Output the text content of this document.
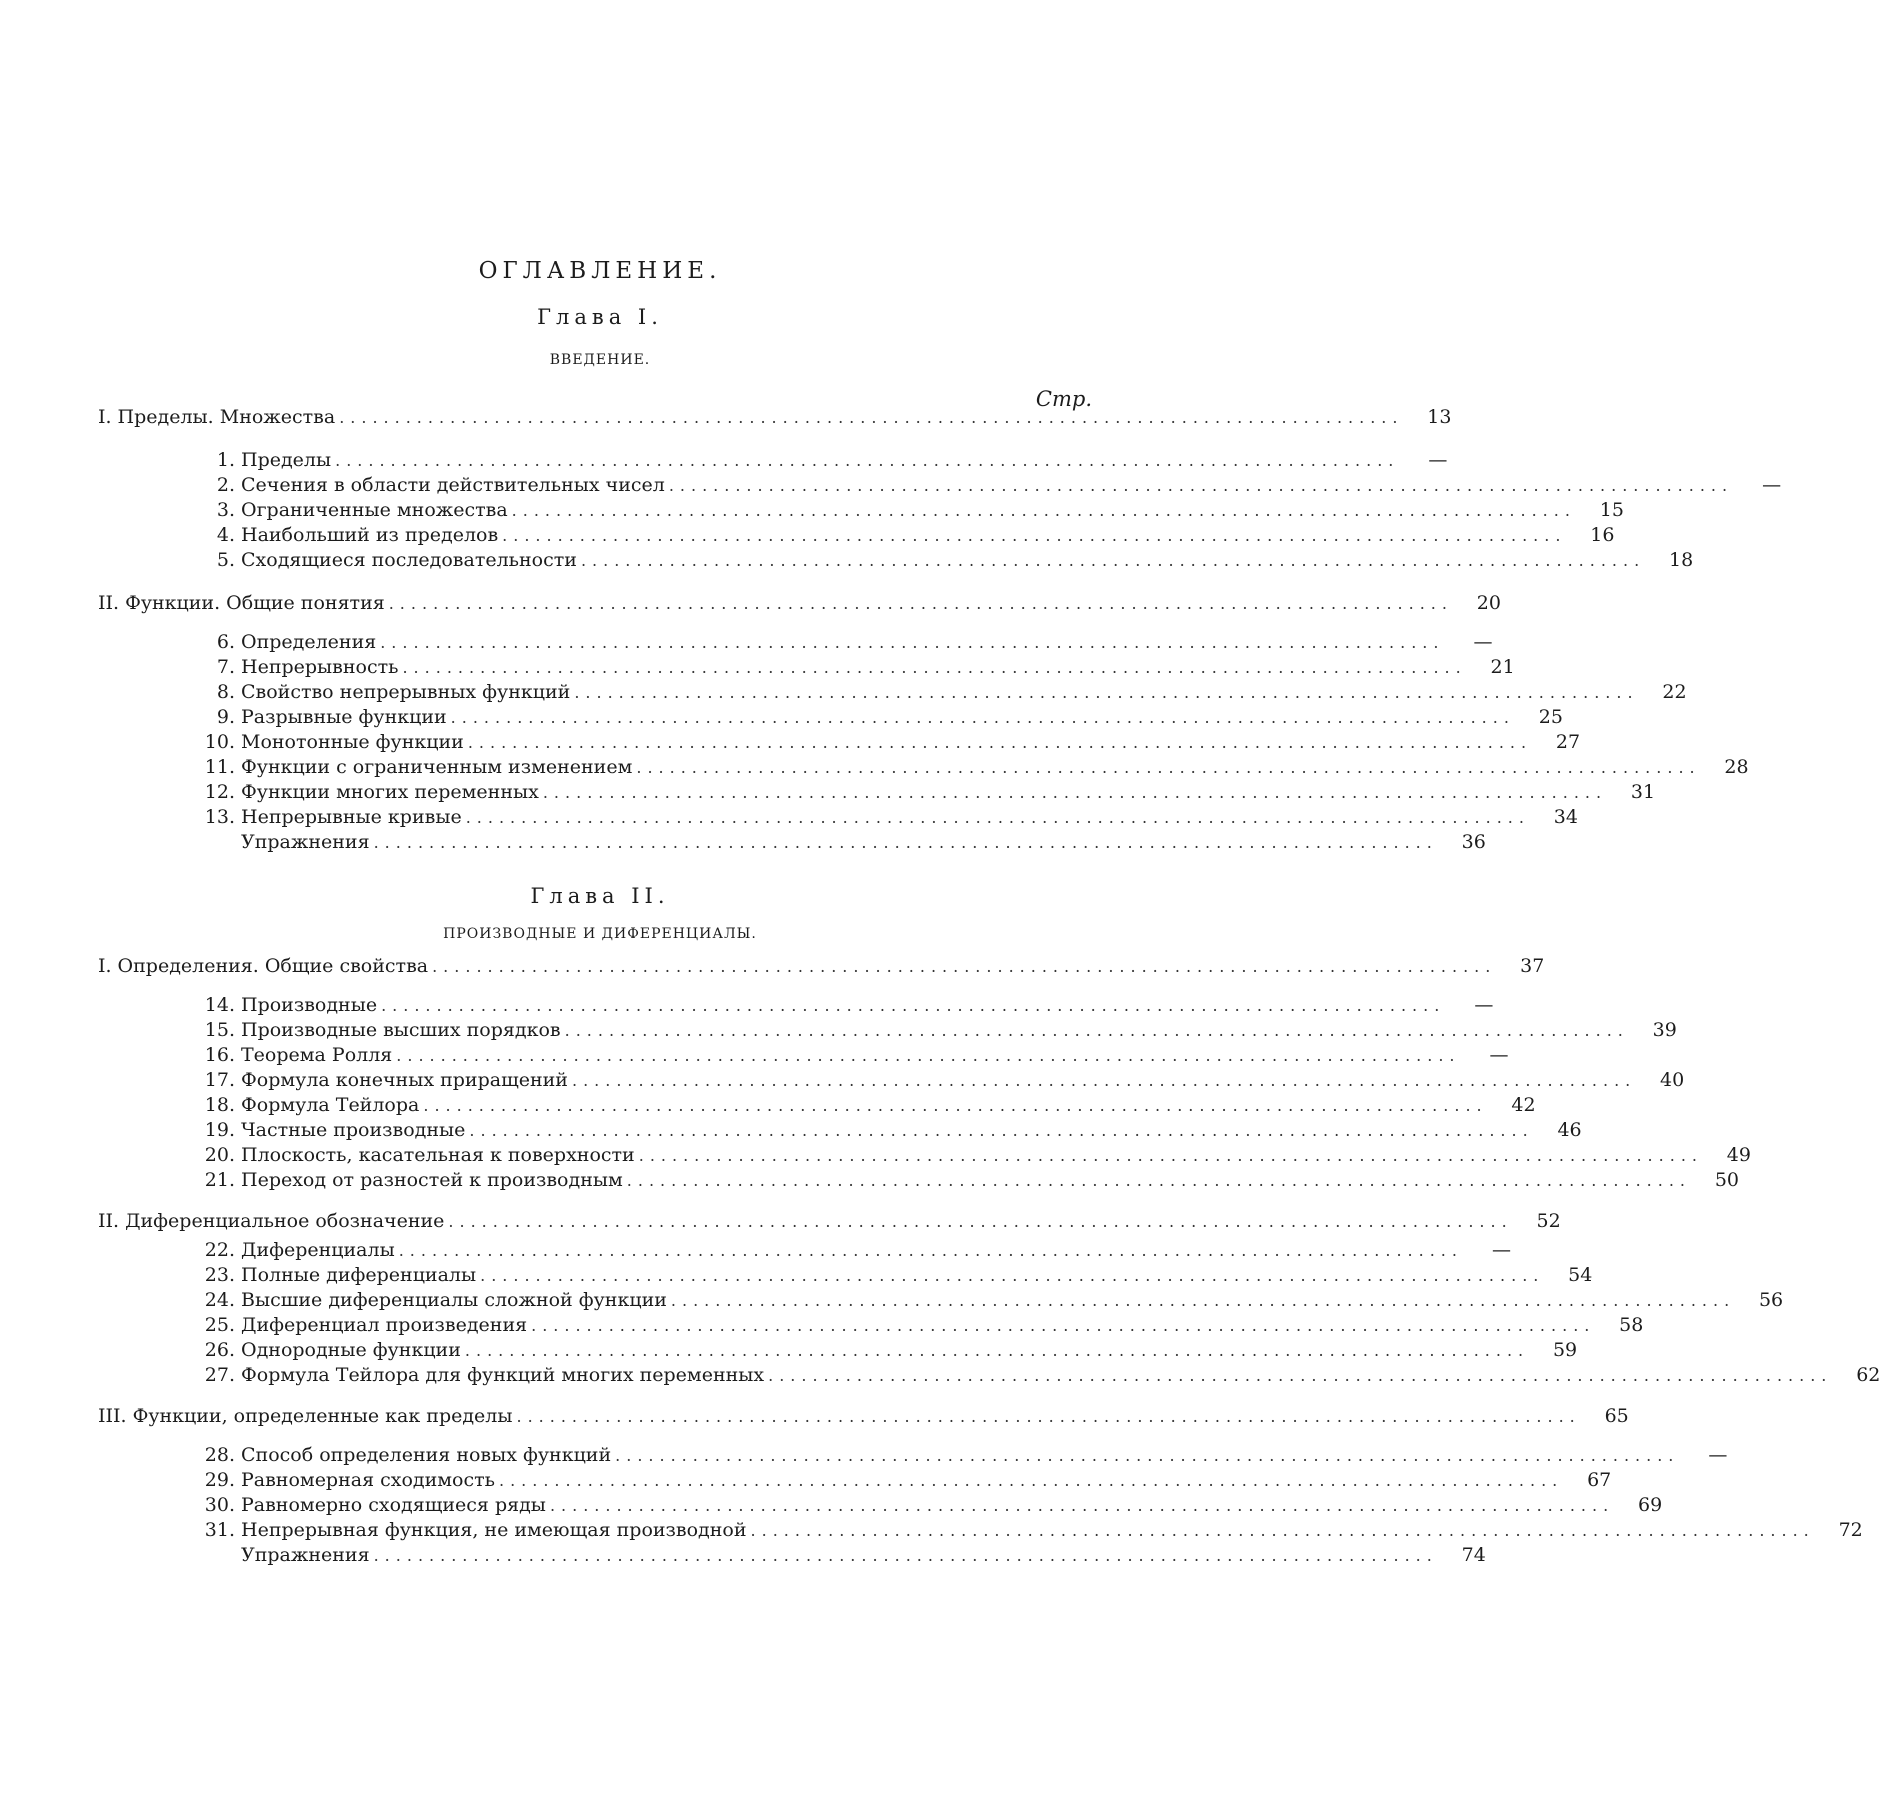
ОГЛАВЛЕНИЕ.
Глава I.
ВВЕДЕНИЕ.
Стр.
I. Пределы. Множества ................................................................................................	13
1. Пределы ................................................................................................	—
2. Сечения в области действительных чисел ................................................................................................	—
3. Ограниченные множества ................................................................................................	15
4. Наибольший из пределов ................................................................................................	16
5. Сходящиеся последовательности ................................................................................................	18
II. Функции. Общие понятия ................................................................................................	20
6. Определения ................................................................................................	—
7. Непрерывность ................................................................................................	21
8. Свойство непрерывных функций ................................................................................................	22
9. Разрывные функции ................................................................................................	25
10. Монотонные функции ................................................................................................	27
11. Функции с ограниченным изменением ................................................................................................	28
12. Функции многих переменных ................................................................................................	31
13. Непрерывные кривые ................................................................................................	34
Упражнения ................................................................................................	36
Глава II.
ПРОИЗВОДНЫЕ И ДИФЕРЕНЦИАЛЫ.
I. Определения. Общие свойства ................................................................................................	37
14. Производные ................................................................................................	—
15. Производные высших порядков ................................................................................................	39
16. Теорема Ролля ................................................................................................	—
17. Формула конечных приращений ................................................................................................	40
18. Формула Тейлора ................................................................................................	42
19. Частные производные ................................................................................................	46
20. Плоскость, касательная к поверхности ................................................................................................	49
21. Переход от разностей к производным ................................................................................................	50
II. Диференциальное обозначение ................................................................................................	52
22. Диференциалы ................................................................................................	—
23. Полные диференциалы ................................................................................................	54
24. Высшие диференциалы сложной функции ................................................................................................	56
25. Диференциал произведения ................................................................................................	58
26. Однородные функции ................................................................................................	59
27. Формула Тейлора для функций многих переменных ................................................................................................	62
III. Функции, определенные как пределы ................................................................................................	65
28. Способ определения новых функций ................................................................................................	—
29. Равномерная сходимость ................................................................................................	67
30. Равномерно сходящиеся ряды ................................................................................................	69
31. Непрерывная функция, не имеющая производной ................................................................................................	72
Упражнения ................................................................................................	74
